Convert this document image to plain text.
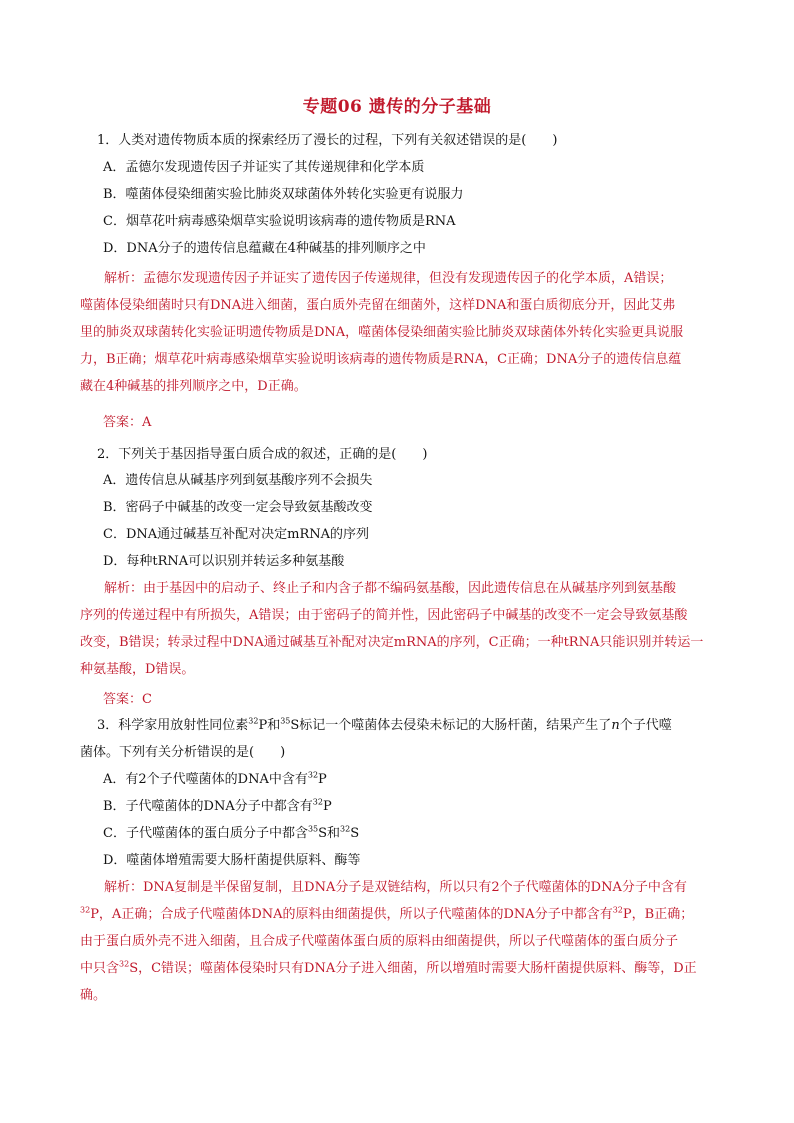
专题06 遗传的分子基础
1．人类对遗传物质本质的探索经历了漫长的过程，下列有关叙述错误的是(　　)
A．孟德尔发现遗传因子并证实了其传递规律和化学本质
B．噬菌体侵染细菌实验比肺炎双球菌体外转化实验更有说服力
C．烟草花叶病毒感染烟草实验说明该病毒的遗传物质是RNA
D．DNA分子的遗传信息蕴藏在4种碱基的排列顺序之中
解析：孟德尔发现遗传因子并证实了遗传因子传递规律，但没有发现遗传因子的化学本质，A错误；
噬菌体侵染细菌时只有DNA进入细菌，蛋白质外壳留在细菌外，这样DNA和蛋白质彻底分开，因此艾弗
里的肺炎双球菌转化实验证明遗传物质是DNA，噬菌体侵染细菌实验比肺炎双球菌体外转化实验更具说服
力，B正确；烟草花叶病毒感染烟草实验说明该病毒的遗传物质是RNA，C正确；DNA分子的遗传信息蕴
藏在4种碱基的排列顺序之中，D正确。
答案：A
2．下列关于基因指导蛋白质合成的叙述，正确的是(　　)
A．遗传信息从碱基序列到氨基酸序列不会损失
B．密码子中碱基的改变一定会导致氨基酸改变
C．DNA通过碱基互补配对决定mRNA的序列
D．每种tRNA可以识别并转运多种氨基酸
解析：由于基因中的启动子、终止子和内含子都不编码氨基酸，因此遗传信息在从碱基序列到氨基酸
序列的传递过程中有所损失，A错误；由于密码子的简并性，因此密码子中碱基的改变不一定会导致氨基酸
改变，B错误；转录过程中DNA通过碱基互补配对决定mRNA的序列，C正确；一种tRNA只能识别并转运一
种氨基酸，D错误。
答案：C
3．科学家用放射性同位素$^{32}$P和$^{35}$S标记一个噬菌体去侵染未标记的大肠杆菌，结果产生了n个子代噬
菌体。下列有关分析错误的是(　　)
A．有2个子代噬菌体的DNA中含有$^{32}$P
B．子代噬菌体的DNA分子中都含有$^{32}$P
C．子代噬菌体的蛋白质分子中都含$^{35}$S和$^{32}$S
D．噬菌体增殖需要大肠杆菌提供原料、酶等
解析：DNA复制是半保留复制，且DNA分子是双链结构，所以只有2个子代噬菌体的DNA分子中含有
$^{32}$P，A正确；合成子代噬菌体DNA的原料由细菌提供，所以子代噬菌体的DNA分子中都含有$^{32}$P，B正确；
由于蛋白质外壳不进入细菌，且合成子代噬菌体蛋白质的原料由细菌提供，所以子代噬菌体的蛋白质分子
中只含$^{32}$S，C错误；噬菌体侵染时只有DNA分子进入细菌，所以增殖时需要大肠杆菌提供原料、酶等，D正
确。
